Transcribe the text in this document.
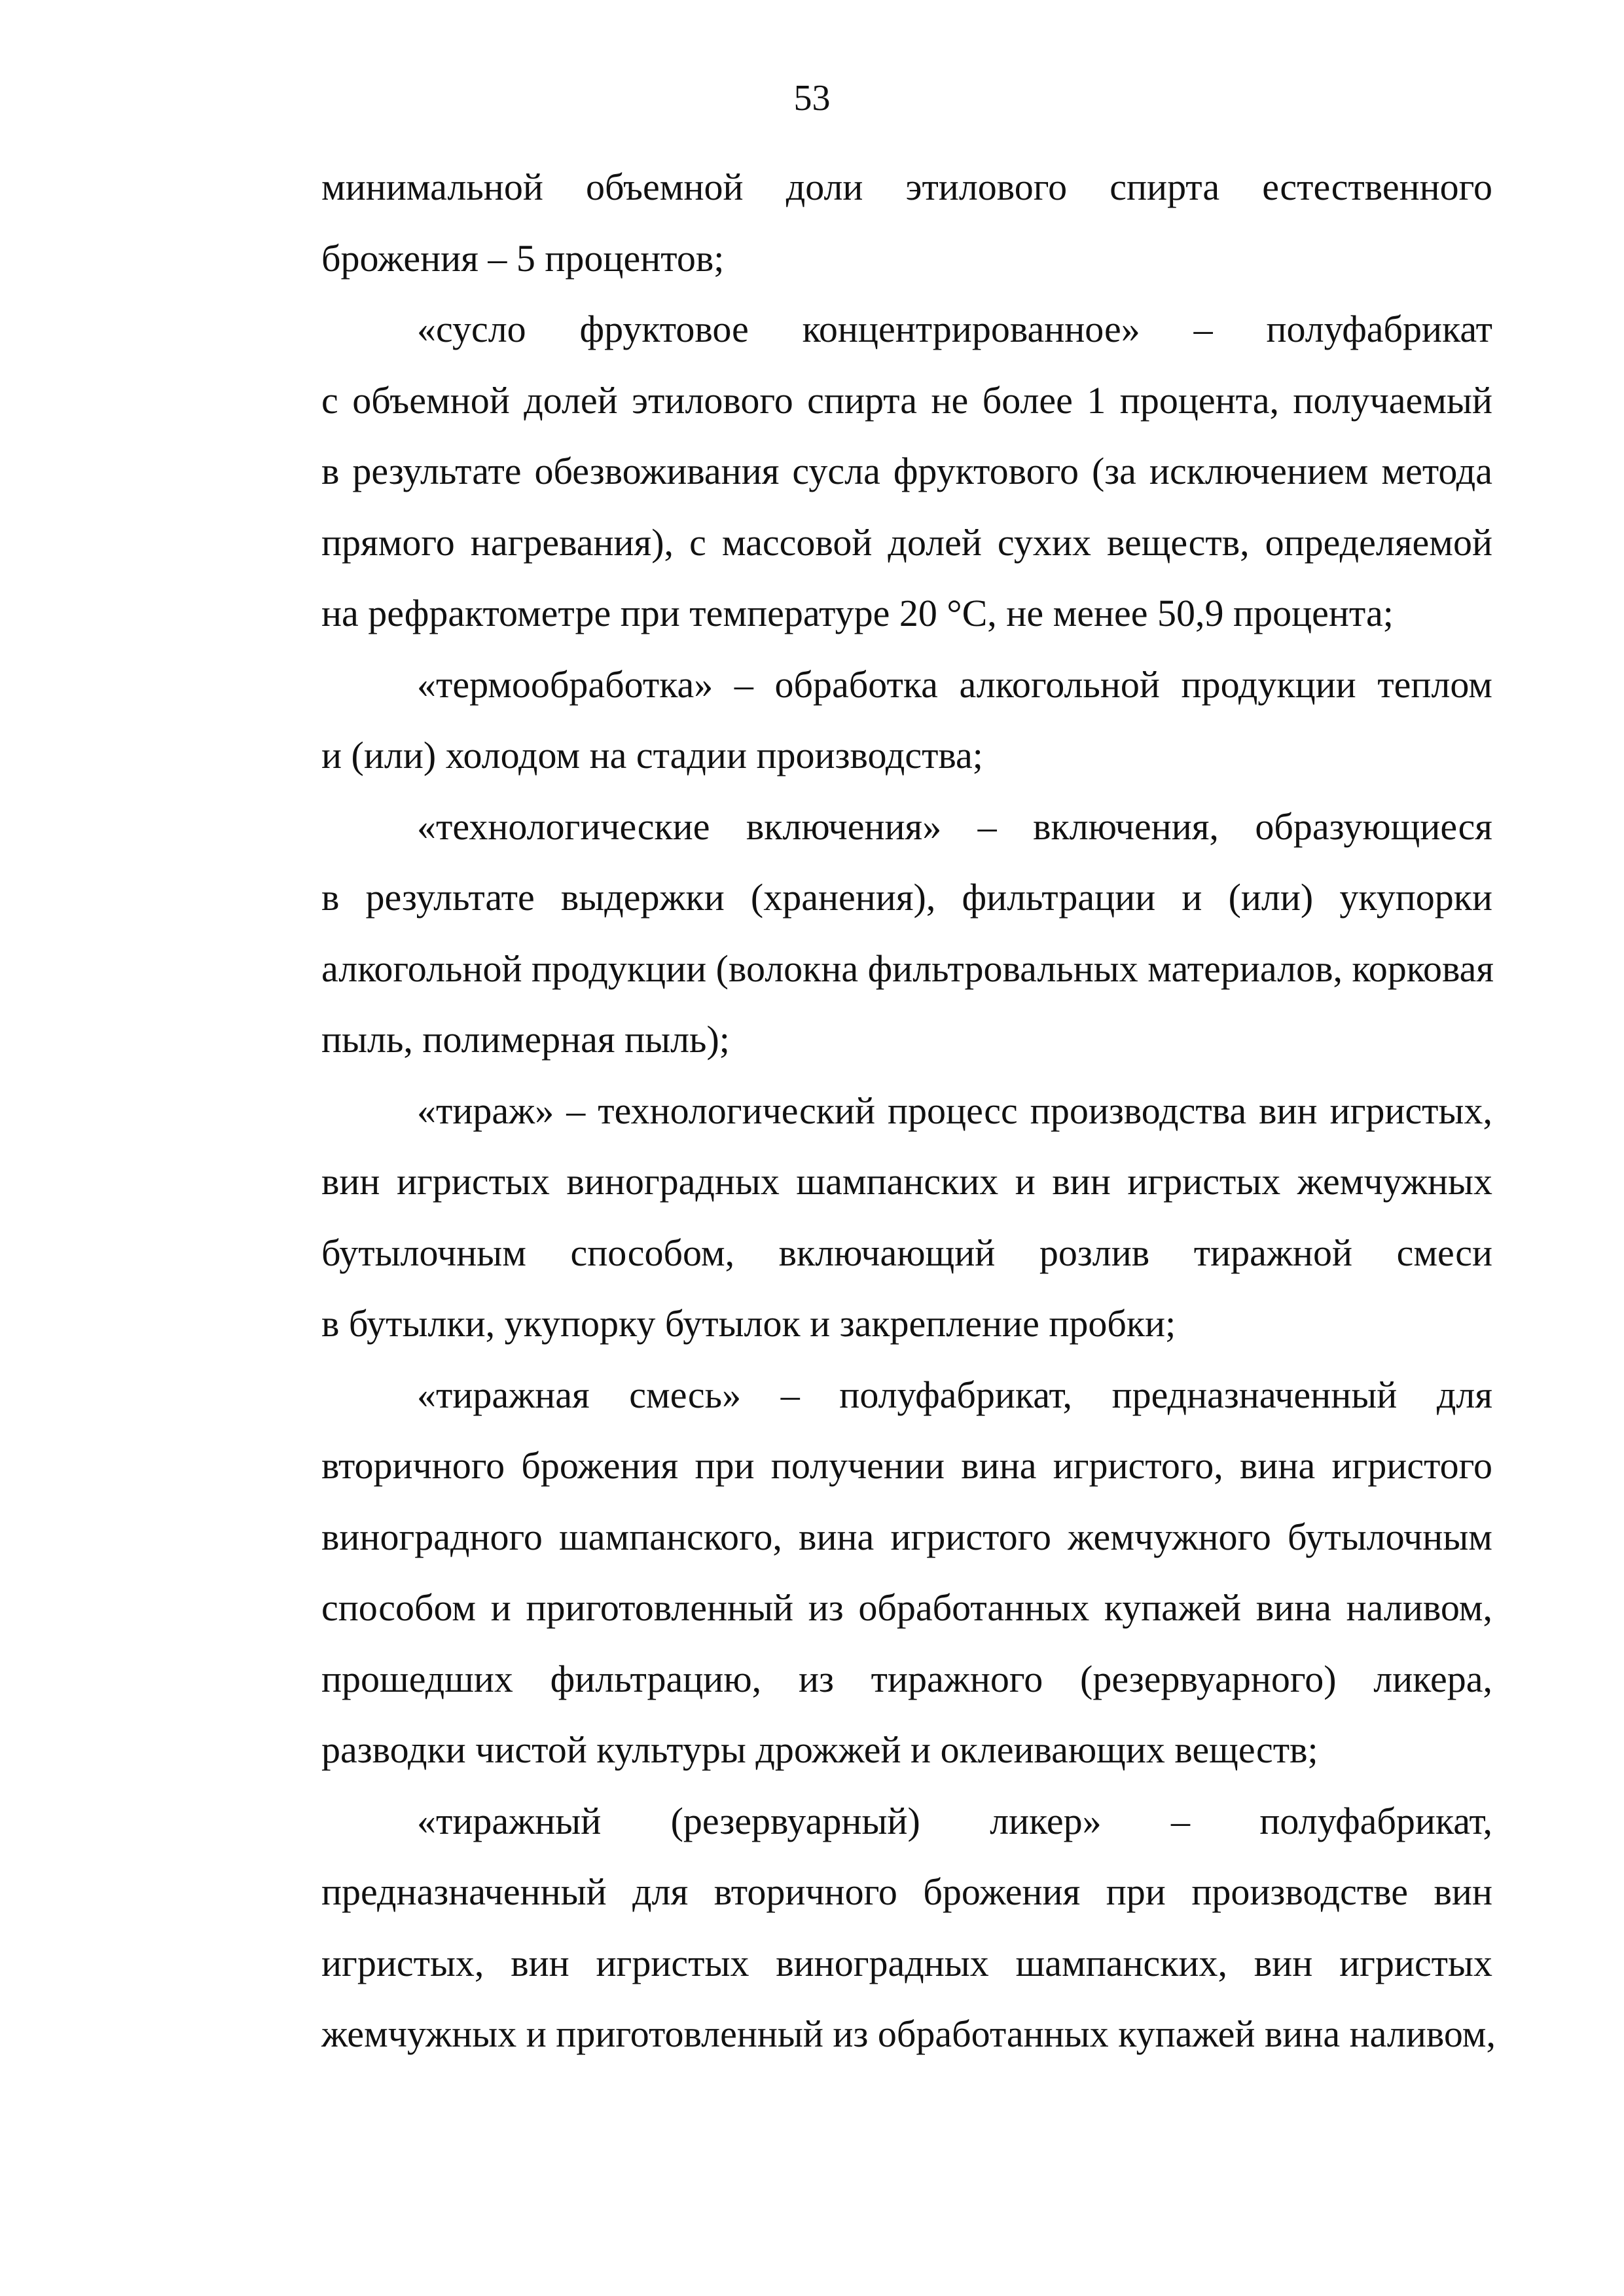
53
минимальной объемной доли этилового спирта естественного
брожения – 5 процентов;
«сусло фруктовое концентрированное» – полуфабрикат
с объемной долей этилового спирта не более 1 процента, получаемый
в результате обезвоживания сусла фруктового (за исключением метода
прямого нагревания), с массовой долей сухих веществ, определяемой
на рефрактометре при температуре 20 °С, не менее 50,9 процента;
«термообработка» – обработка алкогольной продукции теплом
и (или) холодом на стадии производства;
«технологические включения» – включения, образующиеся
в результате выдержки (хранения), фильтрации и (или) укупорки
алкогольной продукции (волокна фильтровальных материалов, корковая
пыль, полимерная пыль);
«тираж» – технологический процесс производства вин игристых,
вин игристых виноградных шампанских и вин игристых жемчужных
бутылочным способом, включающий розлив тиражной смеси
в бутылки, укупорку бутылок и закрепление пробки;
«тиражная смесь» – полуфабрикат, предназначенный для
вторичного брожения при получении вина игристого, вина игристого
виноградного шампанского, вина игристого жемчужного бутылочным
способом и приготовленный из обработанных купажей вина наливом,
прошедших фильтрацию, из тиражного (резервуарного) ликера,
разводки чистой культуры дрожжей и оклеивающих веществ;
«тиражный (резервуарный) ликер» – полуфабрикат,
предназначенный для вторичного брожения при производстве вин
игристых, вин игристых виноградных шампанских, вин игристых
жемчужных и приготовленный из обработанных купажей вина наливом,
